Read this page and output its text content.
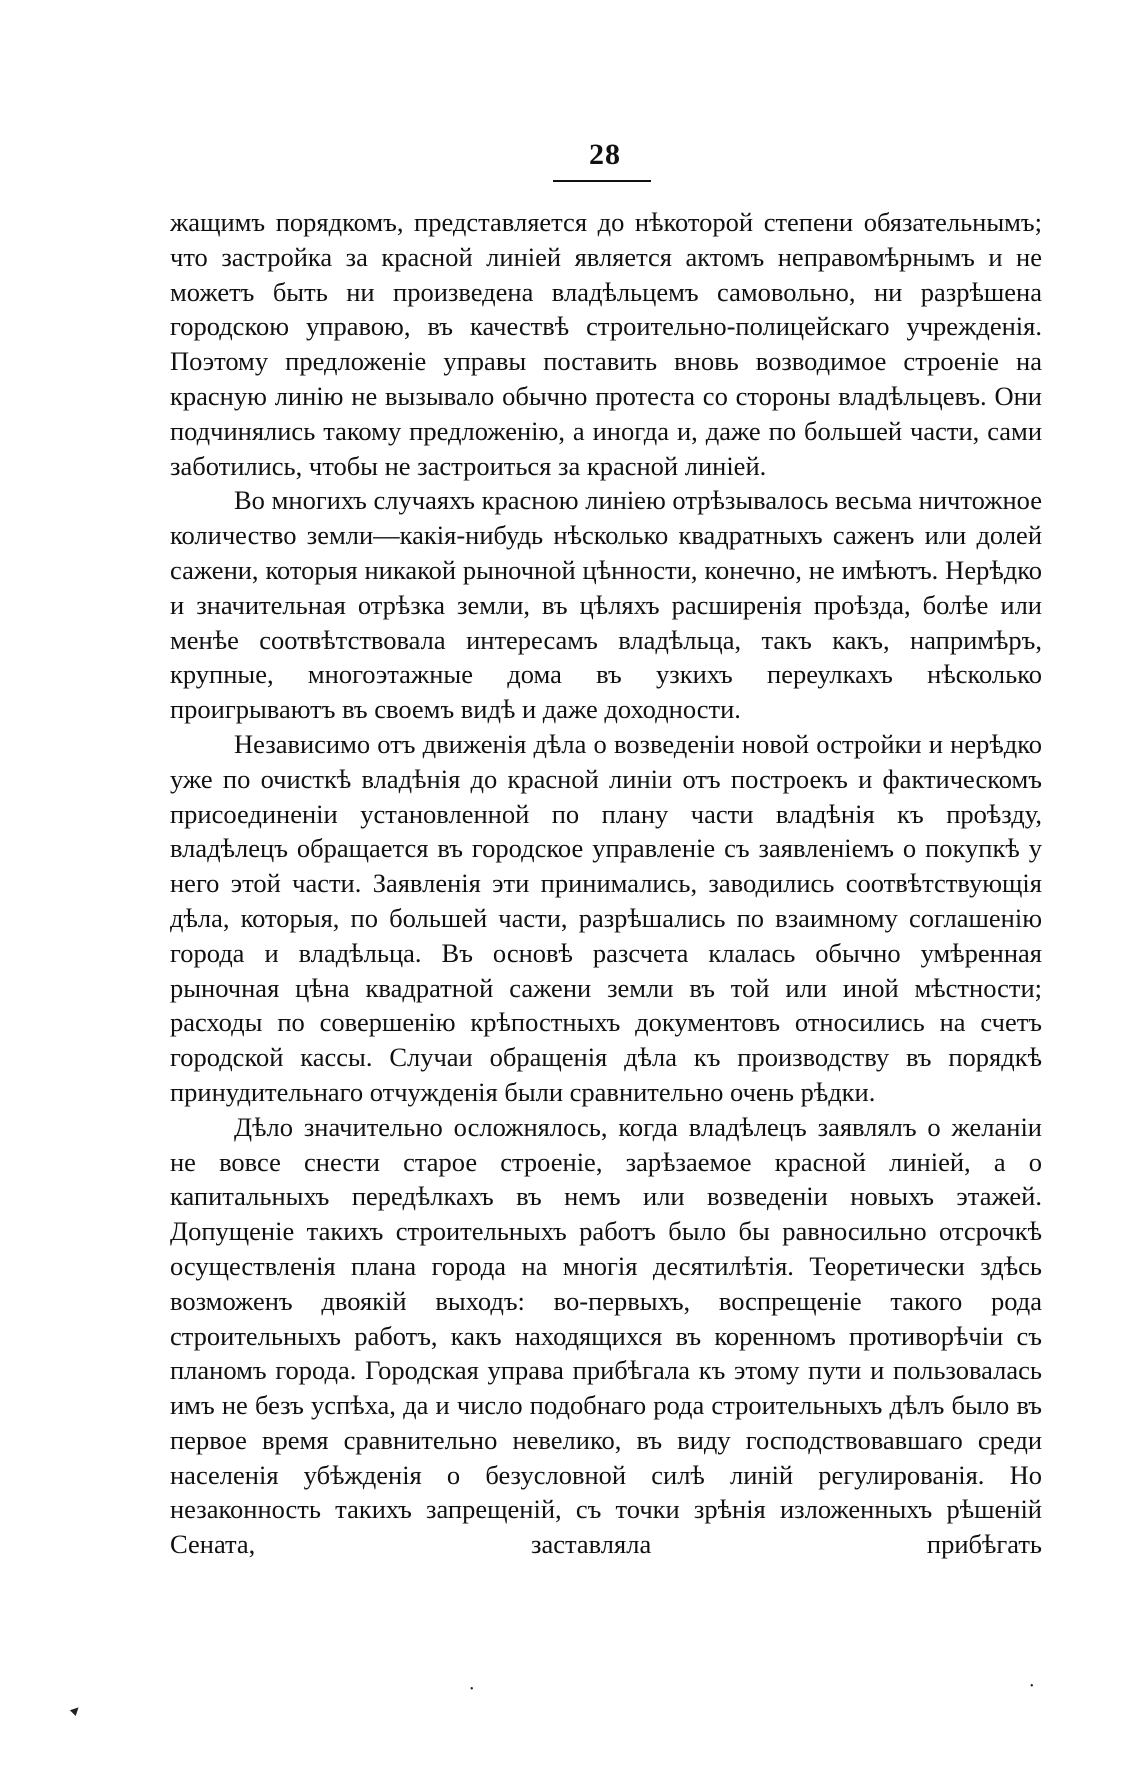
28

жащимъ порядкомъ, представляется до нѣкоторой степени обязательнымъ; что застройка за красной линіей является актомъ неправомѣрнымъ и не можетъ быть ни произведена владѣльцемъ самовольно, ни разрѣшена городскою управою, въ качествѣ строительно-полицейскаго учрежденія. Поэтому предложеніе управы поставить вновь возводимое строеніе на красную линію не вызывало обычно протеста со стороны владѣльцевъ. Они подчинялись такому предложенію, а иногда и, даже по большей части, сами заботились, чтобы не застроиться за красной линіей.

Во многихъ случаяхъ красною линіею отрѣзывалось весьма ничтожное количество земли—какія-нибудь нѣсколько квадратныхъ саженъ или долей сажени, которыя никакой рыночной цѣнности, конечно, не имѣютъ. Нерѣдко и значительная отрѣзка земли, въ цѣляхъ расширенія проѣзда, болѣе или менѣе соотвѣтствовала интересамъ владѣльца, такъ какъ, напримѣръ, крупные, многоэтажные дома въ узкихъ переулкахъ нѣсколько проигрываютъ въ своемъ видѣ и даже доходности.

Независимо отъ движенія дѣла о возведеніи новой остройки и нерѣдко уже по очисткѣ владѣнія до красной линіи отъ построекъ и фактическомъ присоединеніи установленной по плану части владѣнія къ проѣзду, владѣлецъ обращается въ городское управленіе съ заявленіемъ о покупкѣ у него этой части. Заявленія эти принимались, заводились соотвѣтствующія дѣла, которыя, по большей части, разрѣшались по взаимному соглашенію города и владѣльца. Въ основѣ разсчета клалась обычно умѣренная рыночная цѣна квадратной сажени земли въ той или иной мѣстности; расходы по совершенію крѣпостныхъ документовъ относились на счетъ городской кассы. Случаи обращенія дѣла къ производству въ порядкѣ принудительнаго отчужденія были сравнительно очень рѣдки.

Дѣло значительно осложнялось, когда владѣлецъ заявлялъ о желаніи не вовсе снести старое строеніе, зарѣзаемое красной линіей, а о капитальныхъ передѣлкахъ въ немъ или возведеніи новыхъ этажей. Допущеніе такихъ строительныхъ работъ было бы равносильно отсрочкѣ осуществленія плана города на многія десятилѣтія. Теоретически здѣсь возможенъ двоякій выходъ: во-первыхъ, воспрещеніе такого рода строительныхъ работъ, какъ находящихся въ коренномъ противорѣчіи съ планомъ города. Городская управа прибѣгала къ этому пути и пользовалась имъ не безъ успѣха, да и число подобнаго рода строительныхъ дѣлъ было въ первое время сравнительно невелико, въ виду господствовавшаго среди населенія убѣжденія о безусловной силѣ линій регулированія. Но незаконность такихъ запрещеній, съ точки зрѣнія изложенныхъ рѣшеній Сената, заставляла прибѣгать

▲
•	•
